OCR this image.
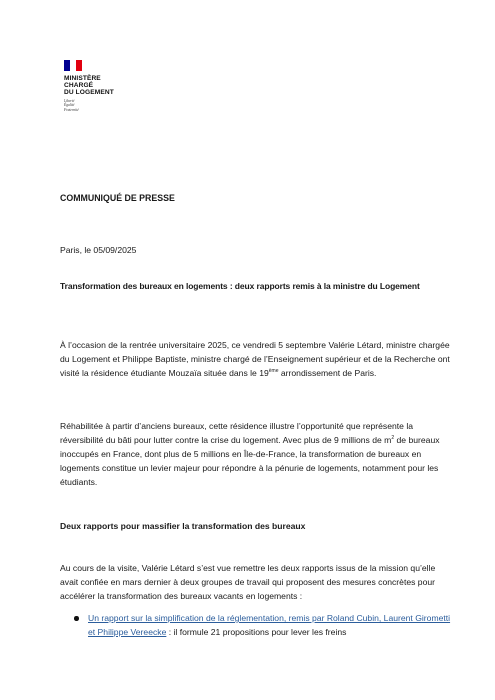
MINISTÈRE
CHARGÉ
DU LOGEMENT
Liberté
Égalité
Fraternité
COMMUNIQUÉ DE PRESSE
Paris, le 05/09/2025
Transformation des bureaux en logements : deux rapports remis à la ministre du Logement
À l’occasion de la rentrée universitaire 2025, ce vendredi 5 septembre Valérie Létard, ministre chargée du Logement et Philippe Baptiste, ministre chargé de l’Enseignement supérieur et de la Recherche ont visité la résidence étudiante Mouzaïa située dans le 19ème arrondissement de Paris.
Réhabilitée à partir d’anciens bureaux, cette résidence illustre l’opportunité que représente la réversibilité du bâti pour lutter contre la crise du logement. Avec plus de 9 millions de $m^2$ de bureaux inoccupés en France, dont plus de 5 millions en Île-de-France, la transformation de bureaux en logements constitue un levier majeur pour répondre à la pénurie de logements, notamment pour les étudiants.
Deux rapports pour massifier la transformation des bureaux
Au cours de la visite, Valérie Létard s’est vue remettre les deux rapports issus de la mission qu’elle avait confiée en mars dernier à deux groupes de travail qui proposent des mesures concrètes pour accélérer la transformation des bureaux vacants en logements :
Un rapport sur la simplification de la réglementation, remis par Roland Cubin, Laurent Girometti et Philippe Vereecke : il formule 21 propositions pour lever les freins
